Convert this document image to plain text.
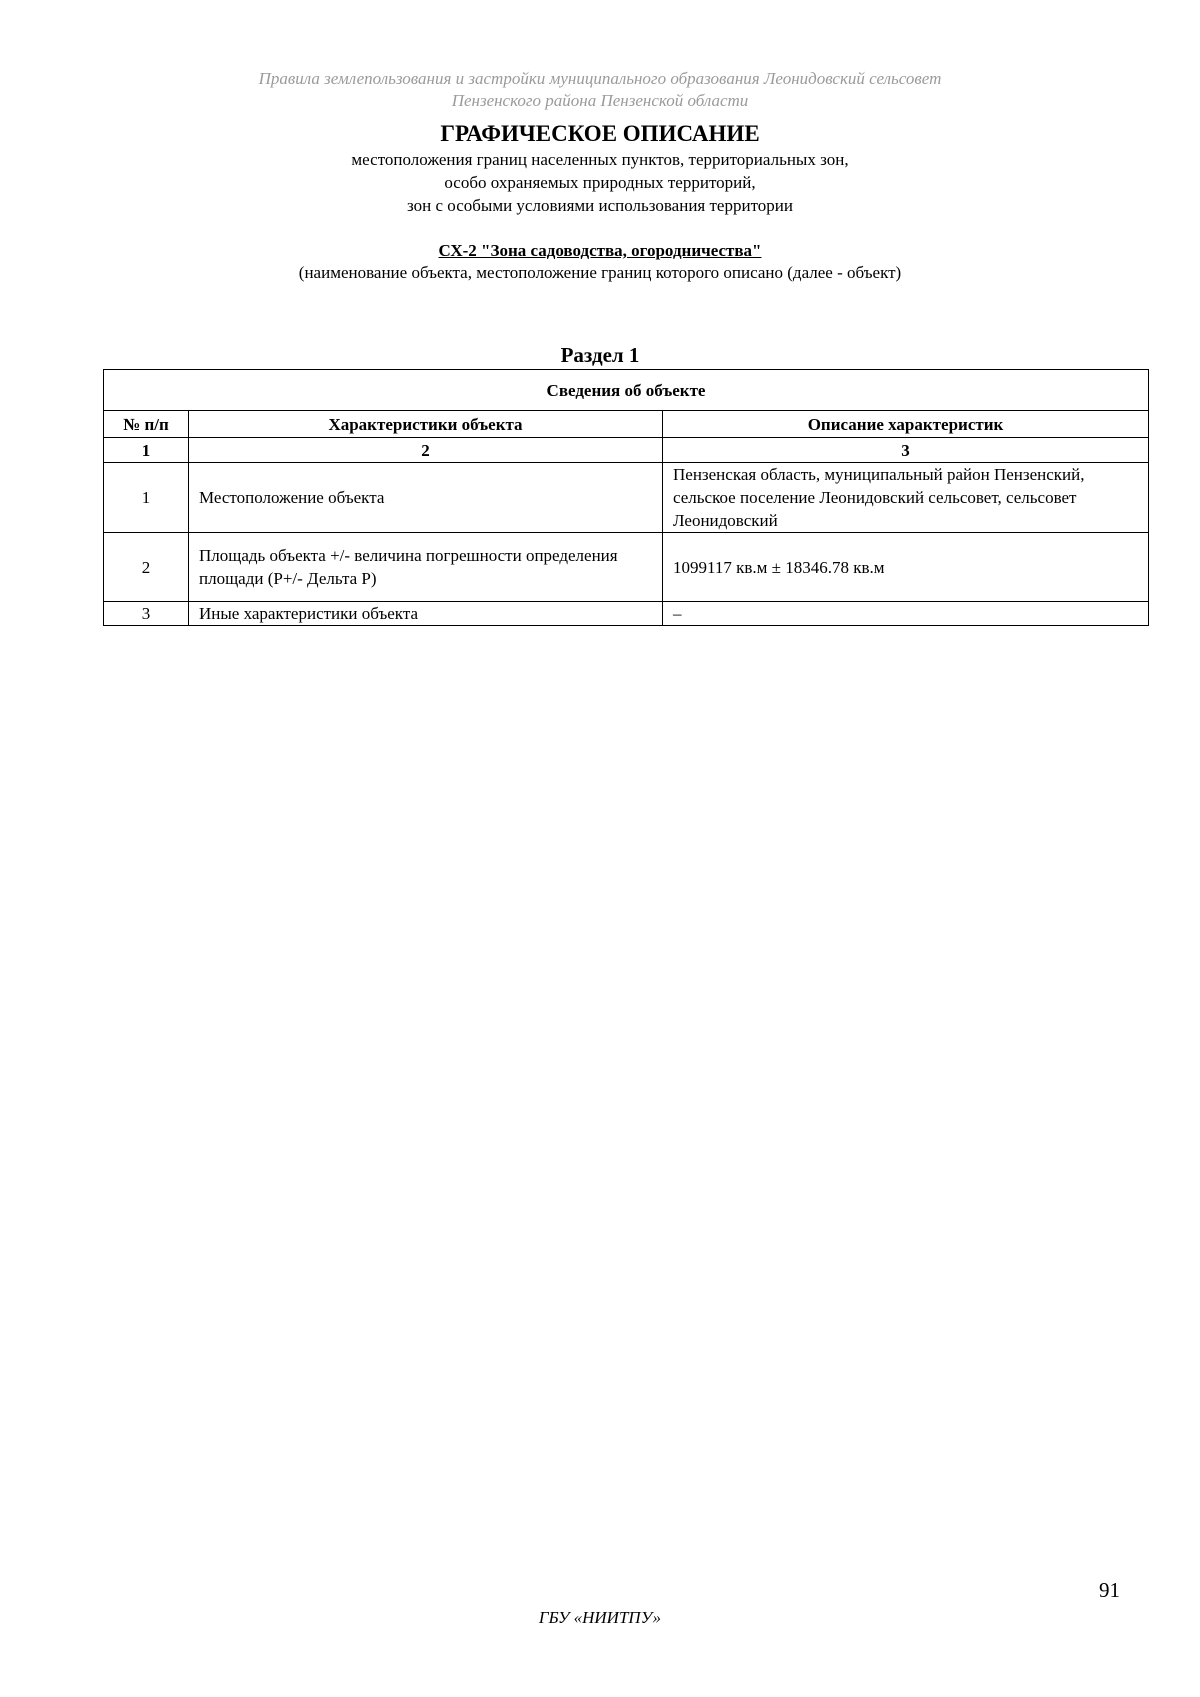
Правила землепользования и застройки муниципального образования Леонидовский сельсовет
Пензенского района Пензенской области
ГРАФИЧЕСКОЕ ОПИСАНИЕ
местоположения границ населенных пунктов, территориальных зон,
особо охраняемых природных территорий,
зон с особыми условиями использования территории
СХ-2 "Зона садоводства, огородничества"
(наименование объекта, местоположение границ которого описано (далее - объект)
Раздел 1
Сведения об объекте		
№ п/п	Характеристики объекта	Описание характеристик
1	2	3
1	Местоположение объекта	Пензенская область, муниципальный район Пензенский, сельское поселение Леонидовский сельсовет, сельсовет Леонидовский
2	Площадь объекта +/- величина погрешности определения площади (Р+/- Дельта Р)	1099117 кв.м ± 18346.78 кв.м
3	Иные характеристики объекта	–
91
ГБУ «НИИТПУ»
